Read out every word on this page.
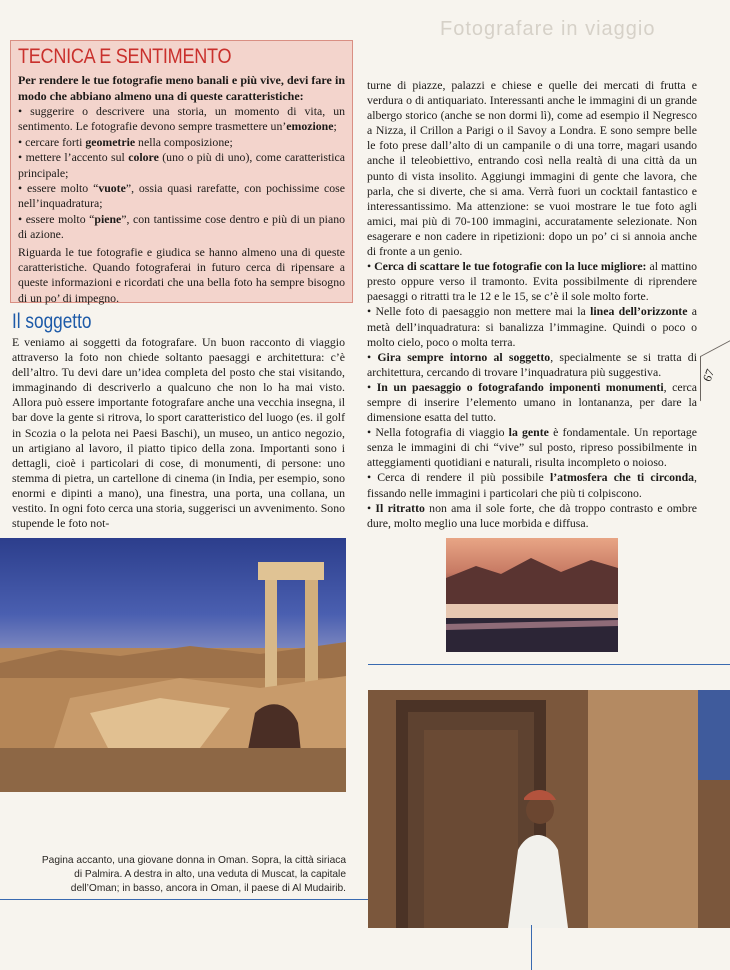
Fotografare in viaggio
TECNICA E SENTIMENTO

Per rendere le tue fotografie meno banali e più vive, devi fare in modo che abbiano almeno una di queste caratteristiche:

• suggerire o descrivere una storia, un momento di vita, un sentimento. Le fotografie devono sempre trasmettere un’emozione;
• cercare forti geometrie nella composizione;
• mettere l’accento sul colore (uno o più di uno), come caratteristica principale;
• essere molto “vuote”, ossia quasi rarefatte, con pochissime cose nell’inquadratura;
• essere molto “piene”, con tantissime cose dentro e più di un piano di azione.

Riguarda le tue fotografie e giudica se hanno almeno una di queste caratteristiche. Quando fotograferai in futuro cerca di ripensare a queste informazioni e ricordati che una bella foto ha sempre bisogno di un po’ di impegno.

Il soggetto

E veniamo ai soggetti da fotografare. Un buon racconto di viaggio attraverso la foto non chiede soltanto paesaggi e architettura: c’è dell’altro. Tu devi dare un’idea completa del posto che stai visitando, immaginando di descriverlo a qualcuno che non lo ha mai visto. Allora può essere importante fotografare anche una vecchia insegna, il bar dove la gente si ritrova, lo sport caratteristico del luogo (es. il golf in Scozia o la pelota nei Paesi Baschi), un museo, un antico negozio, un artigiano al lavoro, il piatto tipico della zona. Importanti sono i dettagli, cioè i particolari di cose, di monumenti, di persone: uno stemma di pietra, un cartellone di cinema (in India, per esempio, sono enormi e dipinti a mano), una finestra, una porta, una collana, un vestito. In ogni foto cerca una storia, suggerisci un avvenimento. Sono stupende le foto not-

turne di piazze, palazzi e chiese e quelle dei mercati di frutta e verdura o di antiquariato. Interessanti anche le immagini di un grande albergo storico (anche se non dormi lì), come ad esempio il Negresco a Nizza, il Crillon a Parigi o il Savoy a Londra. E sono sempre belle le foto prese dall’alto di un campanile o di una torre, magari usando anche il teleobiettivo, entrando così nella realtà di una città da un punto di vista insolito. Aggiungi immagini di gente che lavora, che parla, che si diverte, che si ama. Verrà fuori un cocktail fantastico e interessantissimo. Ma attenzione: se vuoi mostrare le tue foto agli amici, mai più di 70-100 immagini, accuratamente selezionate. Non esagerare e non cadere in ripetizioni: dopo un po’ ci si annoia anche di fronte a un genio.

• Cerca di scattare le tue fotografie con la luce migliore: al mattino presto oppure verso il tramonto. Evita possibilmente di riprendere paesaggi o ritratti tra le 12 e le 15, se c’è il sole molto forte.

• Nelle foto di paesaggio non mettere mai la linea dell’orizzonte a metà dell’inquadratura: si banalizza l’immagine. Quindi o poco o molto cielo, poco o molta terra.

• Gira sempre intorno al soggetto, specialmente se si tratta di architettura, cercando di trovare l’inquadratura più suggestiva.

• In un paesaggio o fotografando imponenti monumenti, cerca sempre di inserire l’elemento umano in lontananza, per dare la dimensione esatta del tutto.

• Nella fotografia di viaggio la gente è fondamentale. Un reportage senza le immagini di chi “vive” sul posto, ripreso possibilmente in atteggiamenti quotidiani e naturali, risulta incompleto o noioso.

• Cerca di rendere il più possibile l’atmosfera che ti circonda, fissando nelle immagini i particolari che più ti colpiscono.

• Il ritratto non ama il sole forte, che dà troppo contrasto e ombre dure, molto meglio una luce morbida e diffusa.

67
Pagina accanto, una giovane donna in Oman. Sopra, la città siriaca di Palmira. A destra in alto, una veduta di Muscat, la capitale dell’Oman; in basso, ancora in Oman, il paese di Al Mudairib.
